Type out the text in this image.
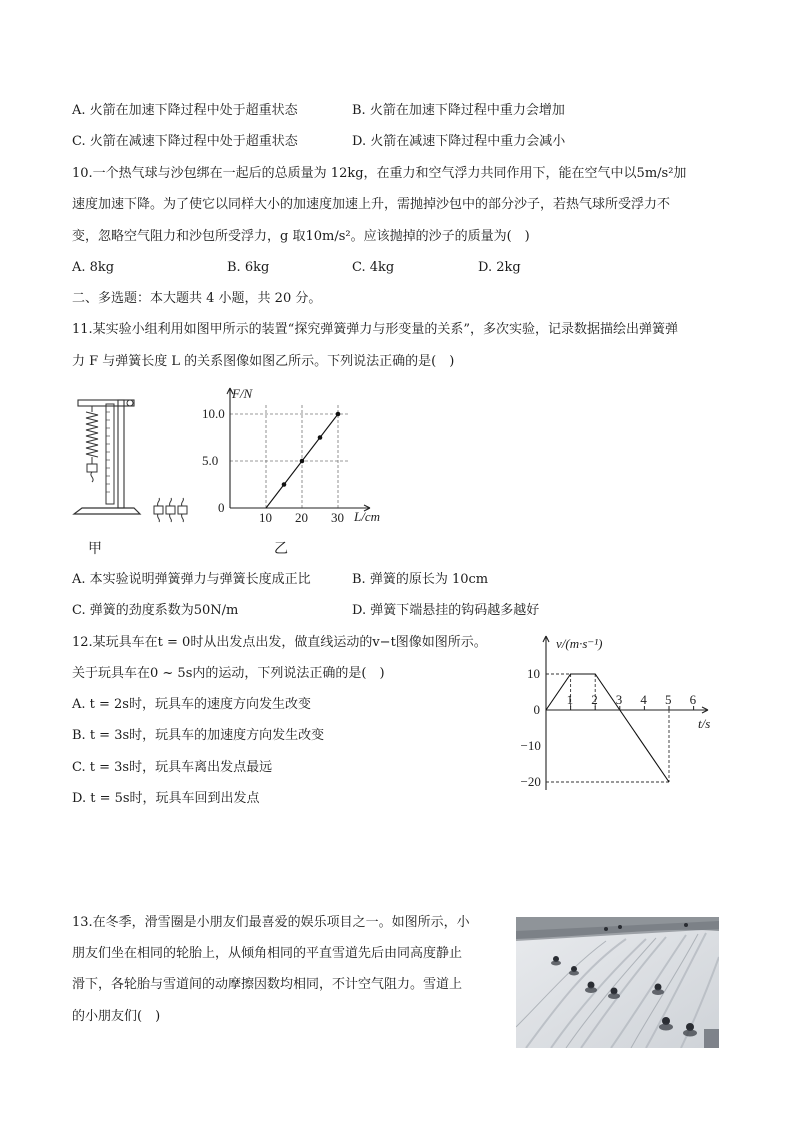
A. 火箭在加速下降过程中处于超重状态	B. 火箭在加速下降过程中重力会增加
C. 火箭在减速下降过程中处于超重状态	D. 火箭在减速下降过程中重力会减小
10.一个热气球与沙包绑在一起后的总质量为 12kg，在重力和空气浮力共同作用下，能在空气中以5m/s²加
速度加速下降。为了使它以同样大小的加速度加速上升，需抛掉沙包中的部分沙子，若热气球所受浮力不
变，忽略空气阻力和沙包所受浮力，g 取10m/s²。应该抛掉的沙子的质量为(　)
A. 8kg	B. 6kg	C. 4kg	D. 2kg
二、多选题：本大题共 4 小题，共 20 分。
11.某实验小组利用如图甲所示的装置“探究弹簧弹力与形变量的关系”，多次实验，记录数据描绘出弹簧弹
力 F 与弹簧长度 L 的关系图像如图乙所示。下列说法正确的是(　)
甲
10 20 30
0
5.0
10.0
F/N
L/cm
乙
A. 本实验说明弹簧弹力与弹簧长度成正比	B. 弹簧的原长为 10cm
C. 弹簧的劲度系数为50N/m	D. 弹簧下端悬挂的钩码越多越好
12.某玩具车在t = 0时从出发点出发，做直线运动的v−t图像如图所示。
关于玩具车在0 ~ 5s内的运动，下列说法正确的是(　)
A. t = 2s时，玩具车的速度方向发生改变
B. t = 3s时，玩具车的加速度方向发生改变
C. t = 3s时，玩具车离出发点最远
D. t = 5s时，玩具车回到出发点
1 2 3 4 5 6
10
0
−10
−20
v/(m·s⁻¹)
t/s
13.在冬季，滑雪圈是小朋友们最喜爱的娱乐项目之一。如图所示，小
朋友们坐在相同的轮胎上，从倾角相同的平直雪道先后由同高度静止
滑下，各轮胎与雪道间的动摩擦因数均相同，不计空气阻力。雪道上
的小朋友们(　)
